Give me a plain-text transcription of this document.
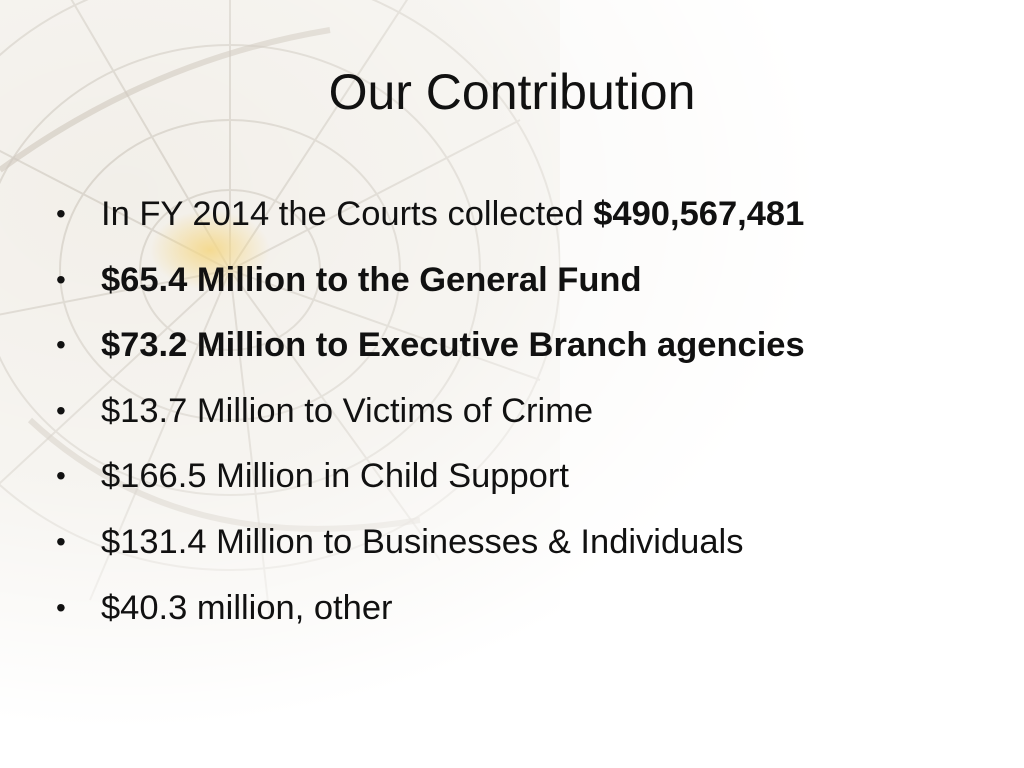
Our Contribution
•	In FY 2014 the Courts collected $490,567,481
•	$65.4 Million to the General Fund
•	$73.2 Million to Executive Branch agencies
•	$13.7 Million to Victims of Crime
•	$166.5 Million in Child Support
•	$131.4 Million to Businesses & Individuals
•	$40.3 million, other
